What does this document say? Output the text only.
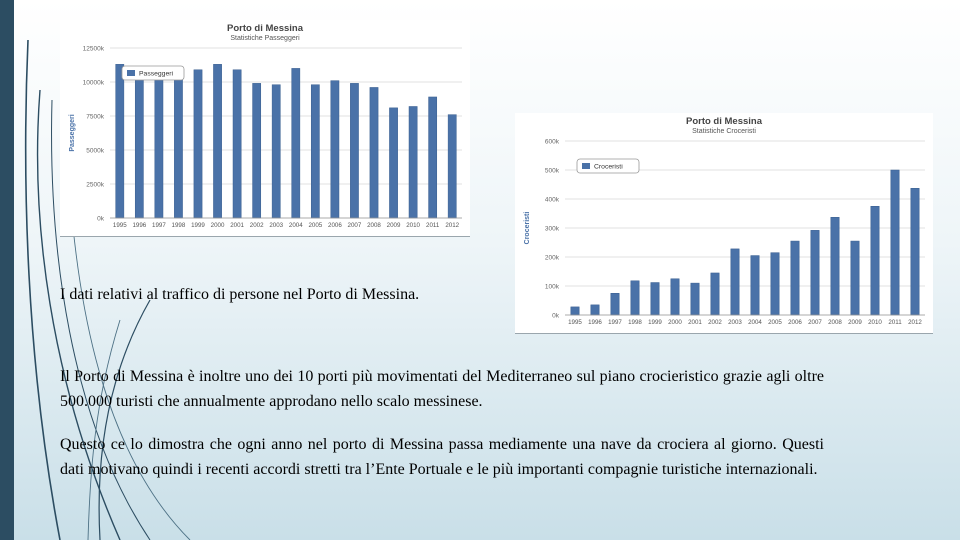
Porto di Messina
Statistiche Passeggeri
0k
2500k
5000k
7500k
10000k
12500k
Passeggeri
1995 1996 1997 1998 1999 2000 2001 2002 2003 2004 2005 2006 2007 2008 2009 2010 2011 2012
Passeggeri
Porto di Messina
Statistiche Croceristi
0k
100k
200k
300k
400k
500k
600k
Croceristi
1995 1996 1997 1998 1999 2000 2001 2002 2003 2004 2005 2006 2007 2008 2009 2010 2011 2012
Croceristi
I dati relativi al traffico di persone nel Porto di Messina.

Il Porto di Messina è inoltre uno dei 10 porti più movimentati del Mediterraneo sul piano crocieristico grazie agli oltre 500.000 turisti che annualmente approdano nello scalo messinese.

Questo ce lo dimostra che ogni anno nel porto di Messina passa mediamente una nave da crociera al giorno. Questi dati motivano quindi i recenti accordi stretti tra l’Ente Portuale e le più importanti compagnie turistiche internazionali.
